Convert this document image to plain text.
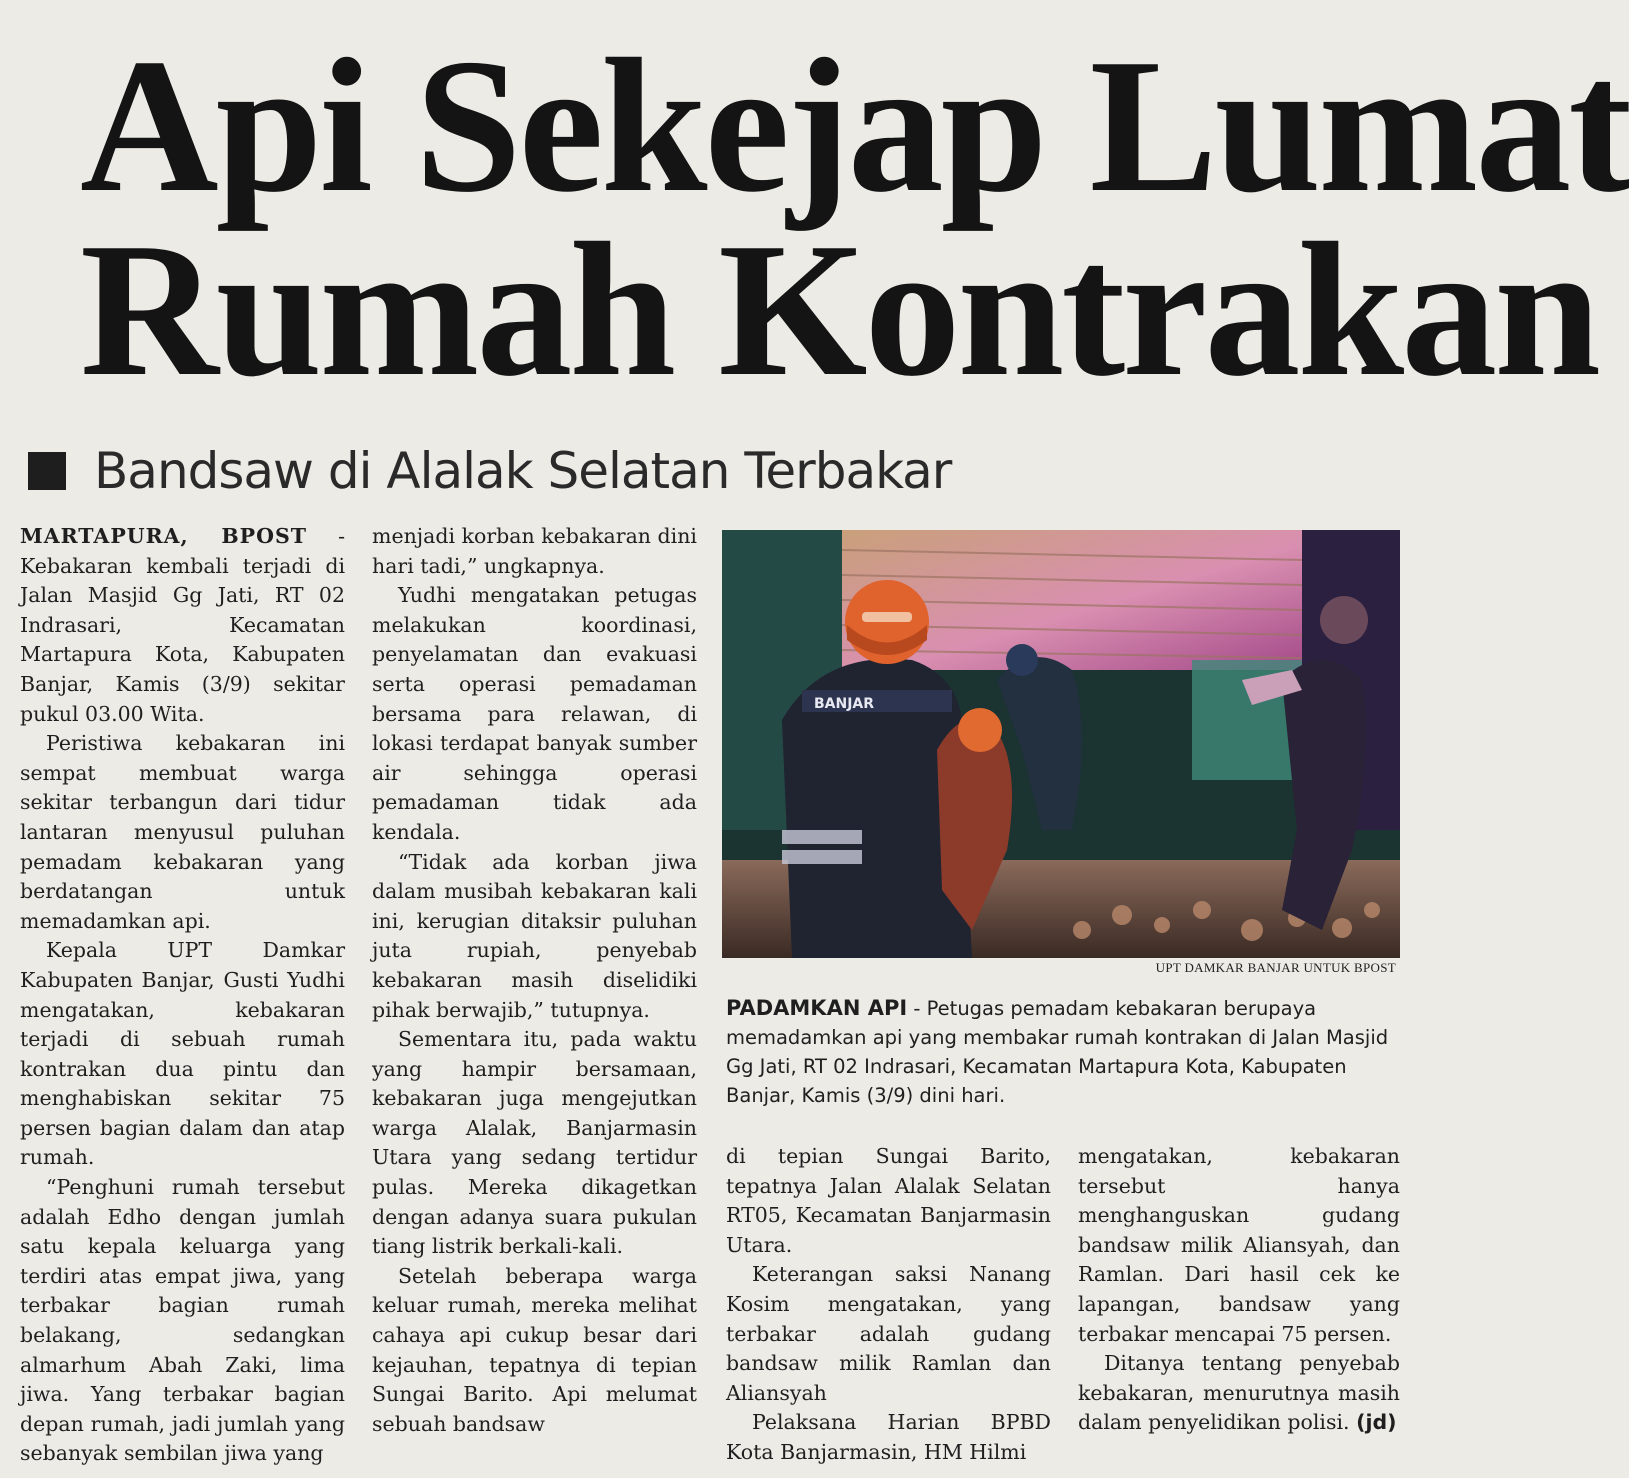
Api Sekejap Lumat
Rumah Kontrakan
Bandsaw di Alalak Selatan Terbakar

MARTAPURA, BPOST - Kebakaran kembali terjadi di Jalan Masjid Gg Jati, RT 02 Indrasari, Kecamatan Martapura Kota, Kabupaten Banjar, Kamis (3/9) sekitar pukul 03.00 Wita.

Peristiwa kebakaran ini sempat membuat warga sekitar terbangun dari tidur lantaran menyusul puluhan pemadam kebakaran yang berdatangan untuk memadamkan api.

Kepala UPT Damkar Kabupaten Banjar, Gusti Yudhi mengatakan, kebakaran terjadi di sebuah rumah kontrakan dua pintu dan menghabiskan sekitar 75 persen bagian dalam dan atap rumah.

“Penghuni rumah tersebut adalah Edho dengan jumlah satu kepala keluarga yang terdiri atas empat jiwa, yang terbakar bagian rumah belakang, sedangkan almarhum Abah Zaki, lima jiwa. Yang terbakar bagian depan rumah, jadi jumlah yang sebanyak sembilan jiwa yang

menjadi korban kebakaran dini hari tadi,” ungkapnya.

Yudhi mengatakan petugas melakukan koordinasi, penyelamatan dan evakuasi serta operasi pemadaman bersama para relawan, di lokasi terdapat banyak sumber air sehingga operasi pemadaman tidak ada kendala.

“Tidak ada korban jiwa dalam musibah kebakaran kali ini, kerugian ditaksir puluhan juta rupiah, penyebab kebakaran masih diselidiki pihak berwajib,” tutupnya.

Sementara itu, pada waktu yang hampir bersamaan, kebakaran juga mengejutkan warga Alalak, Banjarmasin Utara yang sedang tertidur pulas. Mereka dikagetkan dengan adanya suara pukulan tiang listrik berkali-kali.

Setelah beberapa warga keluar rumah, mereka melihat cahaya api cukup besar dari kejauhan, tepatnya di tepian Sungai Barito. Api melumat sebuah bandsaw

BANJAR
UPT DAMKAR BANJAR UNTUK BPOST
PADAMKAN API - Petugas pemadam kebakaran berupaya memadamkan api yang membakar rumah kontrakan di Jalan Masjid Gg Jati, RT 02 Indrasari, Kecamatan Martapura Kota, Kabupaten Banjar, Kamis (3/9) dini hari.

di tepian Sungai Barito, tepatnya Jalan Alalak Selatan RT05, Kecamatan Banjarmasin Utara.

Keterangan saksi Nanang Kosim mengatakan, yang terbakar adalah gudang bandsaw milik Ramlan dan Aliansyah

Pelaksana Harian BPBD Kota Banjarmasin, HM Hilmi

mengatakan, kebakaran tersebut hanya menghanguskan gudang bandsaw milik Aliansyah, dan Ramlan. Dari hasil cek ke lapangan, bandsaw yang terbakar mencapai 75 persen.

Ditanya tentang penyebab kebakaran, menurutnya masih dalam penyelidikan polisi. (jd)
